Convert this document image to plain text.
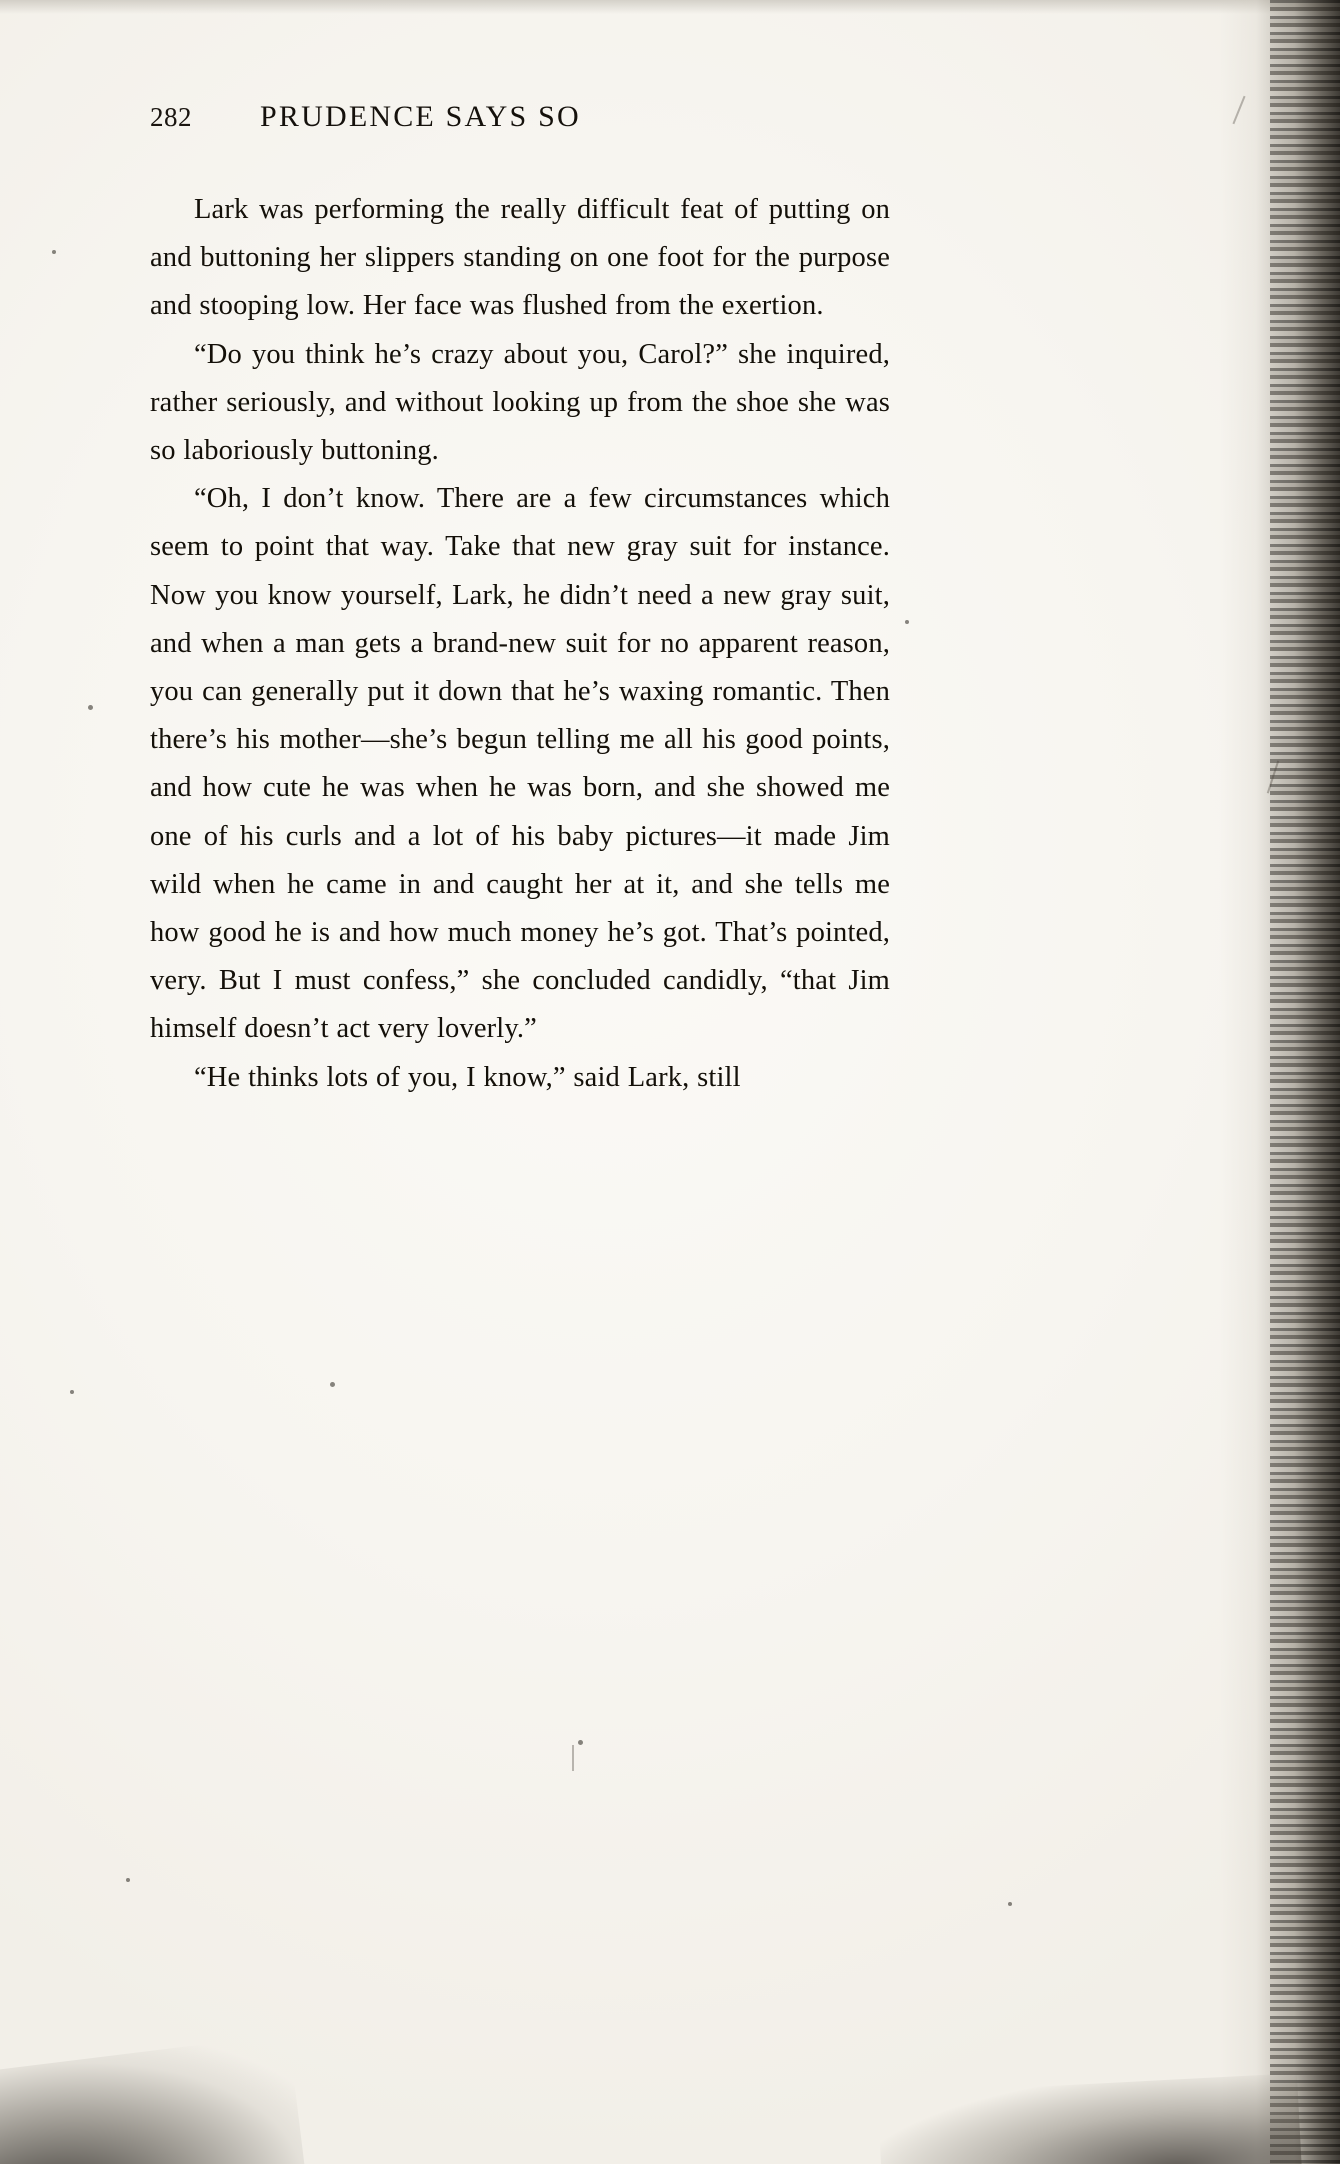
282	PRUDENCE SAYS SO

Lark was performing the really difficult feat of putting on and buttoning her slippers standing on one foot for the purpose and stooping low. Her face was flushed from the exertion.

“Do you think he’s crazy about you, Carol?” she inquired, rather seriously, and without looking up from the shoe she was so laboriously buttoning.

“Oh, I don’t know. There are a few circumstances which seem to point that way. Take that new gray suit for instance. Now you know yourself, Lark, he didn’t need a new gray suit, and when a man gets a brand-new suit for no apparent reason, you can generally put it down that he’s waxing romantic. Then there’s his mother—she’s begun telling me all his good points, and how cute he was when he was born, and she showed me one of his curls and a lot of his baby pictures—it made Jim wild when he came in and caught her at it, and she tells me how good he is and how much money he’s got. That’s pointed, very. But I must confess,” she concluded candidly, “that Jim himself doesn’t act very loverly.”

“He thinks lots of you, I know,” said Lark, still
